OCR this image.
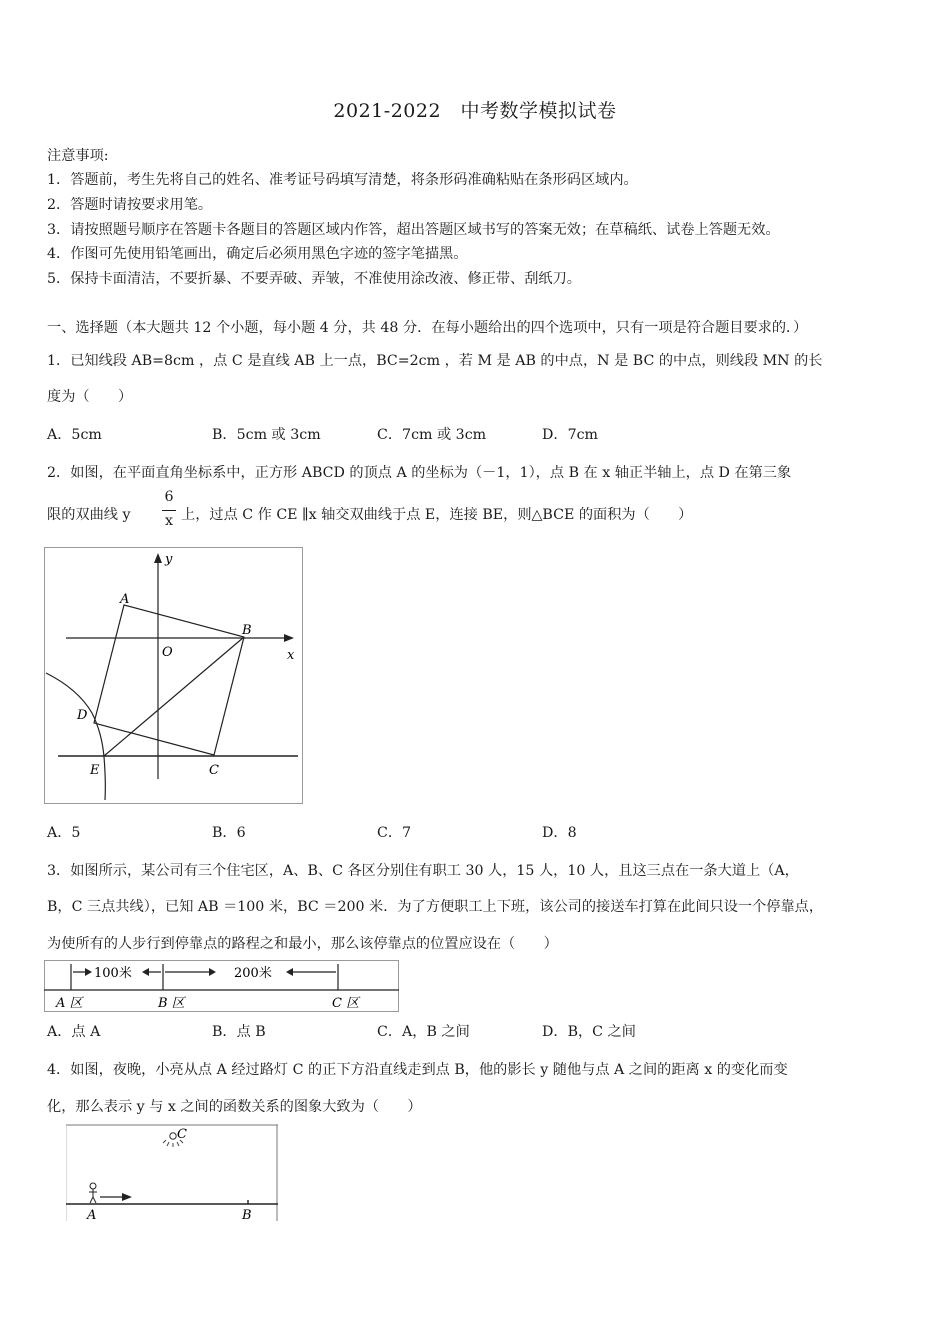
2021-2022　中考数学模拟试卷
注意事项:
1．答题前，考生先将自己的姓名、准考证号码填写清楚，将条形码准确粘贴在条形码区域内。
2．答题时请按要求用笔。
3．请按照题号顺序在答题卡各题目的答题区域内作答，超出答题区域书写的答案无效；在草稿纸、试卷上答题无效。
4．作图可先使用铅笔画出，确定后必须用黑色字迹的签字笔描黑。
5．保持卡面清洁，不要折暴、不要弄破、弄皱，不准使用涂改液、修正带、刮纸刀。
一、选择题（本大题共 12 个小题，每小题 4 分，共 48 分．在每小题给出的四个选项中，只有一项是符合题目要求的．）
1．已知线段 AB=8cm ，点 C 是直线 AB 上一点，BC=2cm ，若 M 是 AB 的中点，N 是 BC 的中点，则线段 MN 的长
度为（　　）
A．5cm	B．5cm 或 3cm	C．7cm 或 3cm	D．7cm
2．如图，在平面直角坐标系中，正方形 ABCD 的顶点 A 的坐标为（－1，1），点 B 在 x 轴正半轴上，点 D 在第三象
限的双曲线 y
6
x 上，过点 C 作 CE ∥x 轴交双曲线于点 E，连接 BE，则△BCE 的面积为（　　）
A
B
O	x
y
D
E	C
A．5	B．6	C．7	D．8
3．如图所示，某公司有三个住宅区，A、B、C 各区分别住有职工 30 人，15 人，10 人，且这三点在一条大道上（A，
B，C 三点共线），已知 AB ＝100 米，BC ＝200 米．为了方便职工上下班，该公司的接送车打算在此间只设一个停靠点，
为使所有的人步行到停靠点的路程之和最小，那么该停靠点的位置应设在（　　）
100米	200米
A 区	B 区	C 区
A．点 A	B．点 B	C．A，B 之间	D．B，C 之间
4．如图，夜晚，小亮从点 A 经过路灯 C 的正下方沿直线走到点 B，他的影长 y 随他与点 A 之间的距离 x 的变化而变
化，那么表示 y 与 x 之间的函数关系的图象大致为（　　）
C
A	B
